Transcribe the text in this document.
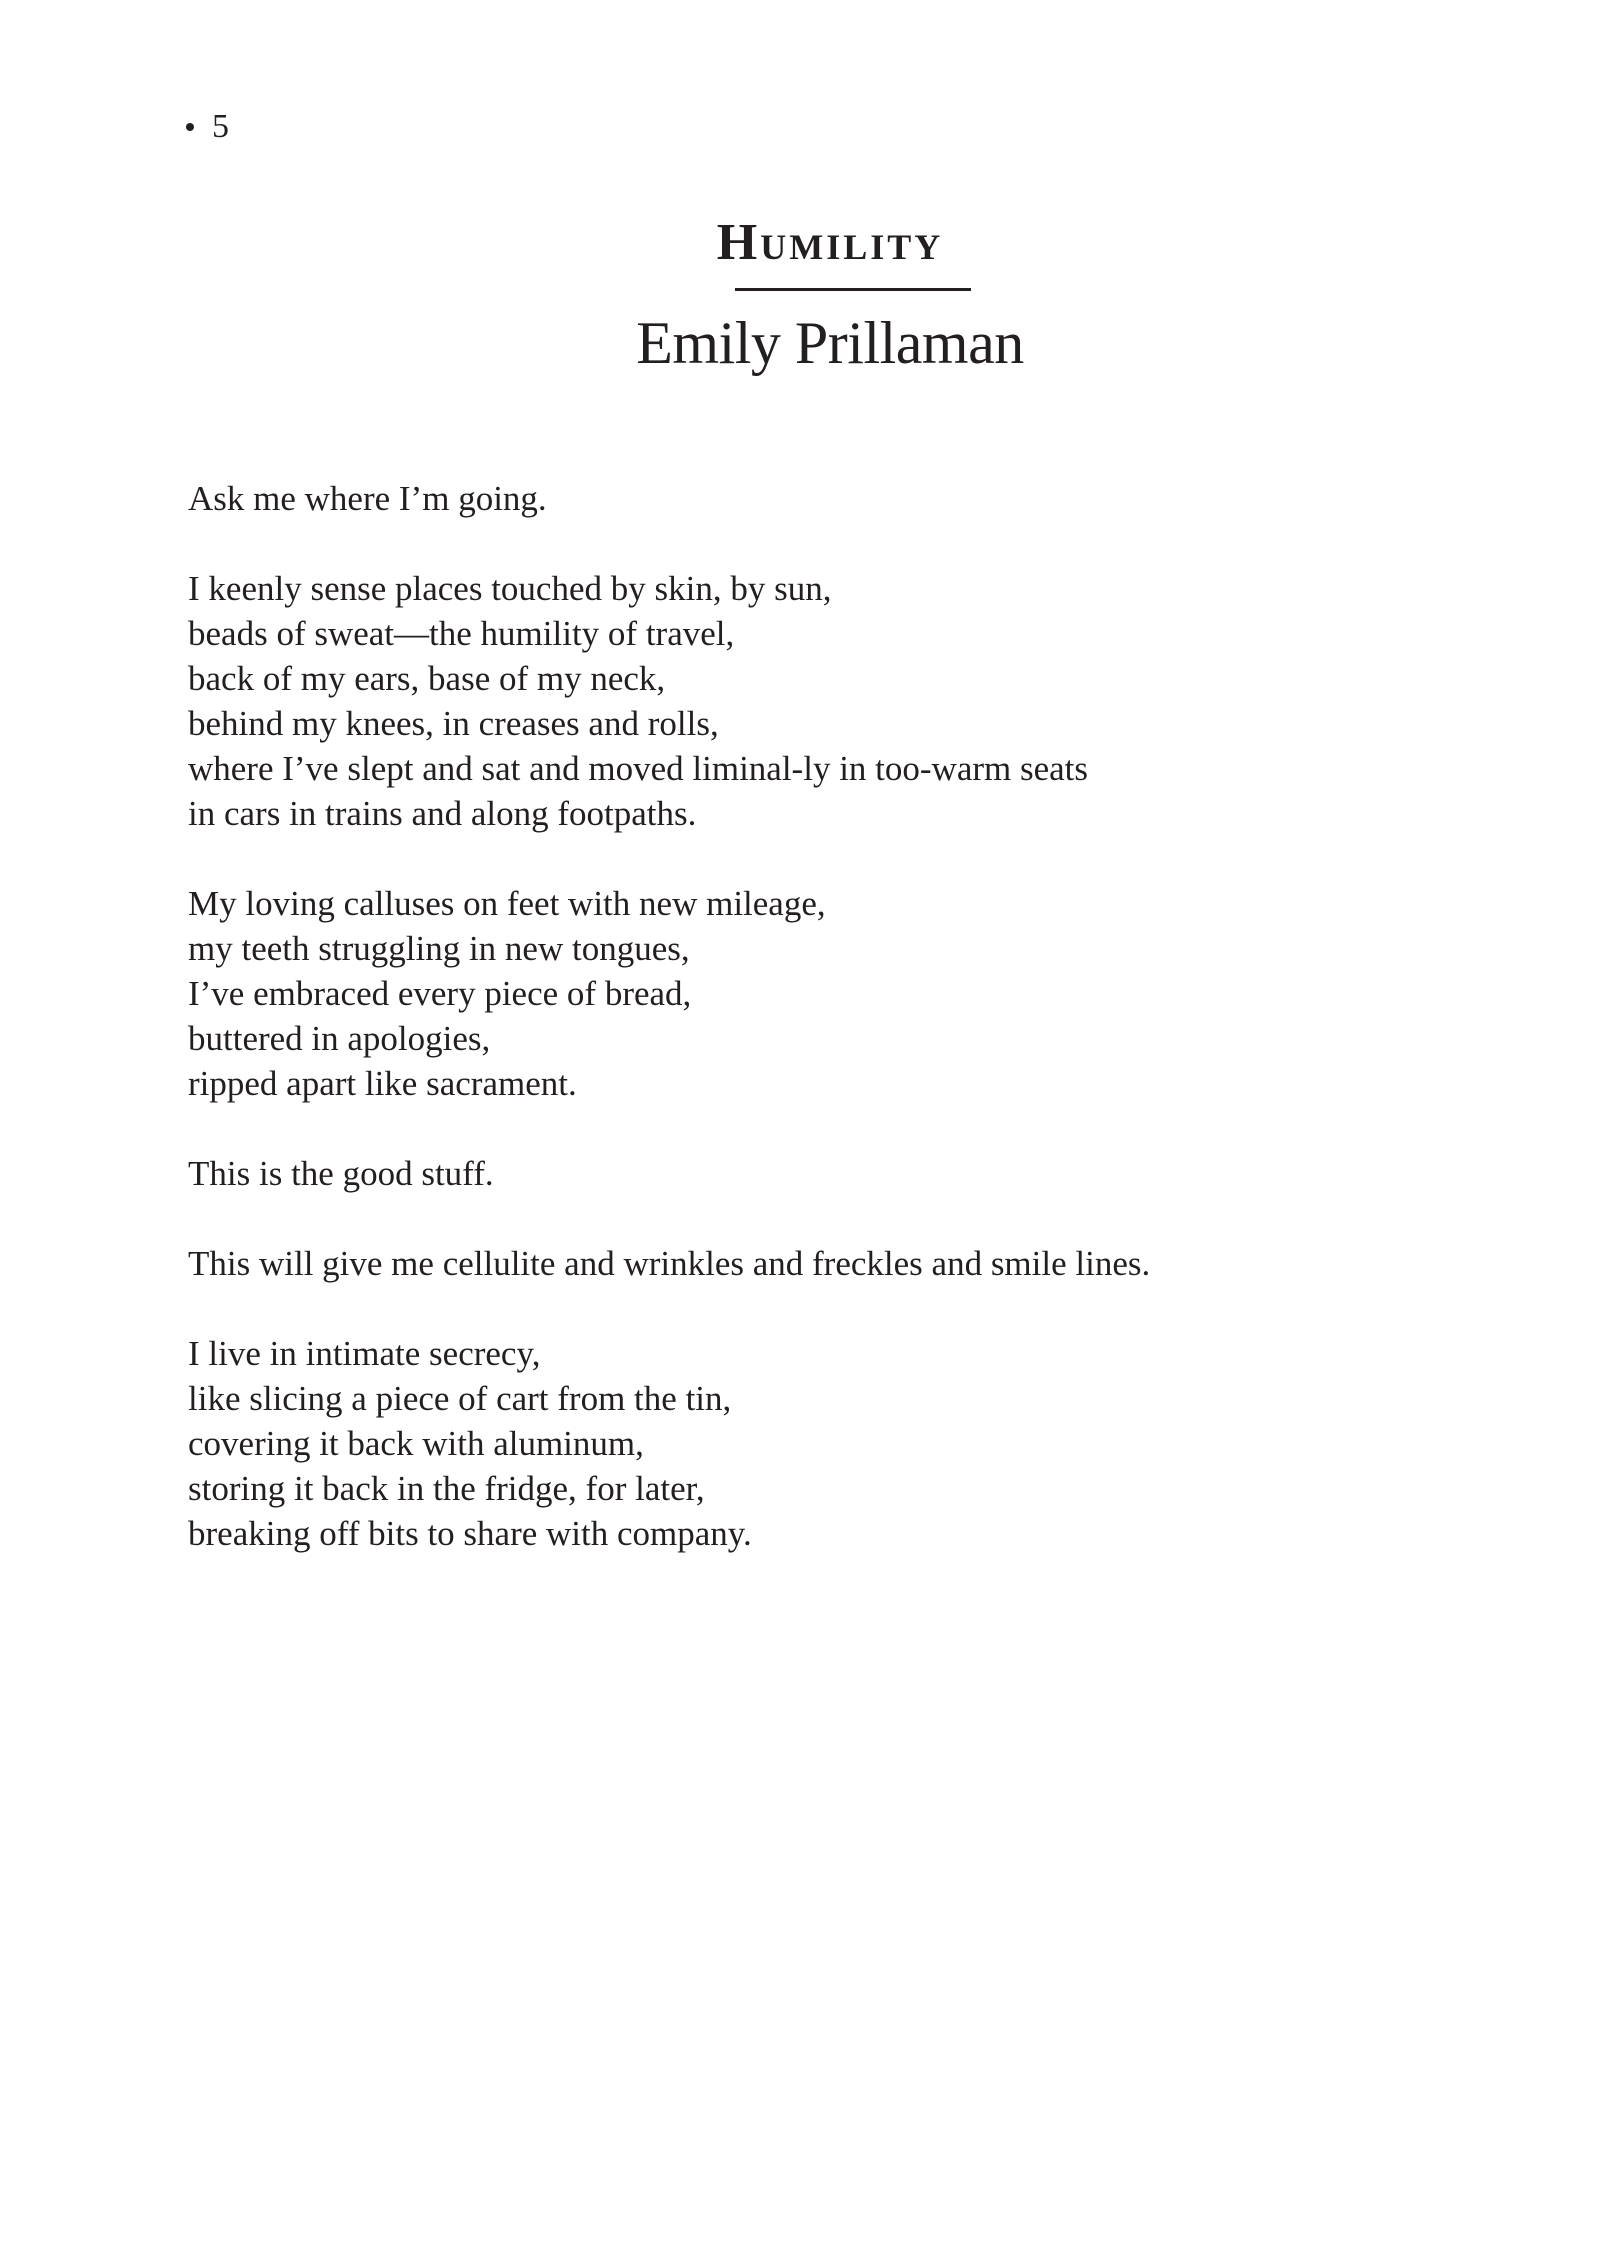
5
Humility
Emily Prillaman
Ask me where I’m going.
I keenly sense places touched by skin, by sun,
beads of sweat—the humility of travel,
back of my ears, base of my neck,
behind my knees, in creases and rolls,
where I’ve slept and sat and moved liminal-ly in too-warm seats
in cars in trains and along footpaths.
My loving calluses on feet with new mileage,
my teeth struggling in new tongues,
I’ve embraced every piece of bread,
buttered in apologies,
ripped apart like sacrament.
This is the good stuff.
This will give me cellulite and wrinkles and freckles and smile lines.
I live in intimate secrecy,
like slicing a piece of cart from the tin,
covering it back with aluminum,
storing it back in the fridge, for later,
breaking off bits to share with company.
